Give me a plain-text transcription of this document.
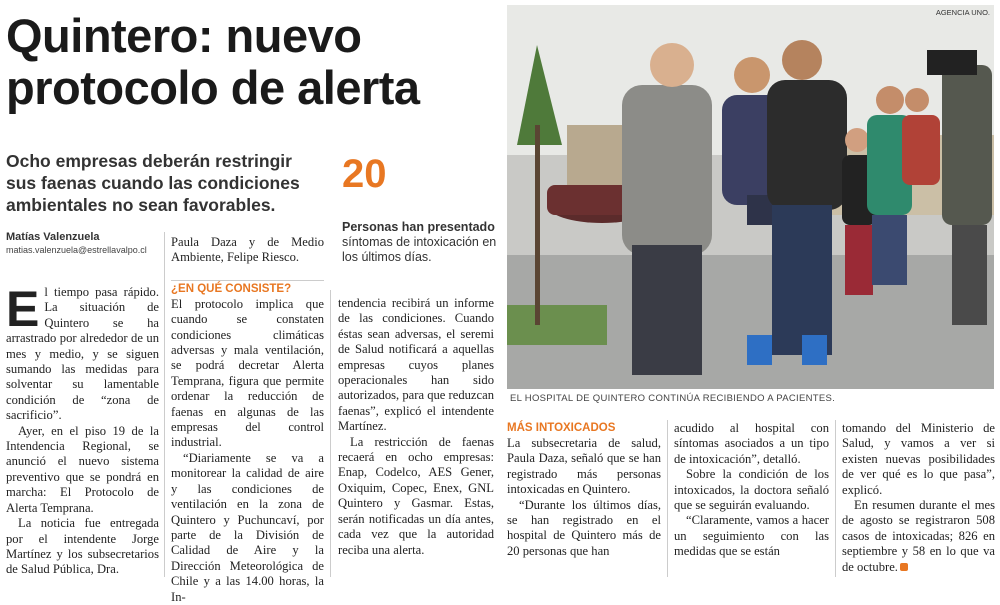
Quintero: nuevo protocolo de alerta
Ocho empresas deberán restringir sus faenas cuando las condiciones ambientales no sean favorables.
20
Personas han presentado síntomas de intoxicación en los últimos días.
Matías Valenzuela
matias.valenzuela@estrellavalpo.cl
E l tiempo pasa rápido. La situación de Quintero se ha arrastrado por alrededor de un mes y medio, y se siguen sumando las medidas para solventar su lamentable condición de “zona de sacrificio”.

Ayer, en el piso 19 de la Intendencia Regional, se anunció el nuevo sistema preventivo que se pondrá en marcha: El Protocolo de Alerta Temprana.

La noticia fue entregada por el intendente Jorge Martínez y los subsecretarios de Salud Pública, Dra.

Paula Daza y de Medio Ambiente, Felipe Riesco.

¿EN QUÉ CONSISTE?

El protocolo implica que cuando se constaten condiciones climáticas adversas y mala ventilación, se podrá decretar Alerta Temprana, figura que permite ordenar la reducción de faenas en algunas de las empresas del control industrial.

“Diariamente se va a monitorear la calidad de aire y las condiciones de ventilación en la zona de Quintero y Puchuncaví, por parte de la División de Calidad de Aire y la Dirección Meteorológica de Chile y a las 14.00 horas, la In-

tendencia recibirá un informe de las condiciones. Cuando éstas sean adversas, el seremi de Salud notificará a aquellas empresas cuyos planes operacionales han sido autorizados, para que reduzcan faenas”, explicó el intendente Martínez.

La restricción de faenas recaerá en ocho empresas: Enap, Codelco, AES Gener, Oxiquim, Copec, Enex, GNL Quintero y Gasmar. Estas, serán notificadas un día antes, cada vez que la autoridad reciba una alerta.

AGENCIA UNO.
EL HOSPITAL DE QUINTERO CONTINÚA RECIBIENDO A PACIENTES.
MÁS INTOXICADOS

La subsecretaria de salud, Paula Daza, señaló que se han registrado más personas intoxicadas en Quintero.

“Durante los últimos días, se han registrado en el hospital de Quintero más de 20 personas que han

acudido al hospital con síntomas asociados a un tipo de intoxicación”, detalló.

Sobre la condición de los intoxicados, la doctora señaló que se seguirán evaluando.

“Claramente, vamos a hacer un seguimiento con las medidas que se están

tomando del Ministerio de Salud, y vamos a ver si existen nuevas posibilidades de ver qué es lo que pasa”, explicó.

En resumen durante el mes de agosto se registraron 508 casos de intoxicadas; 826 en septiembre y 58 en lo que va de octubre.
